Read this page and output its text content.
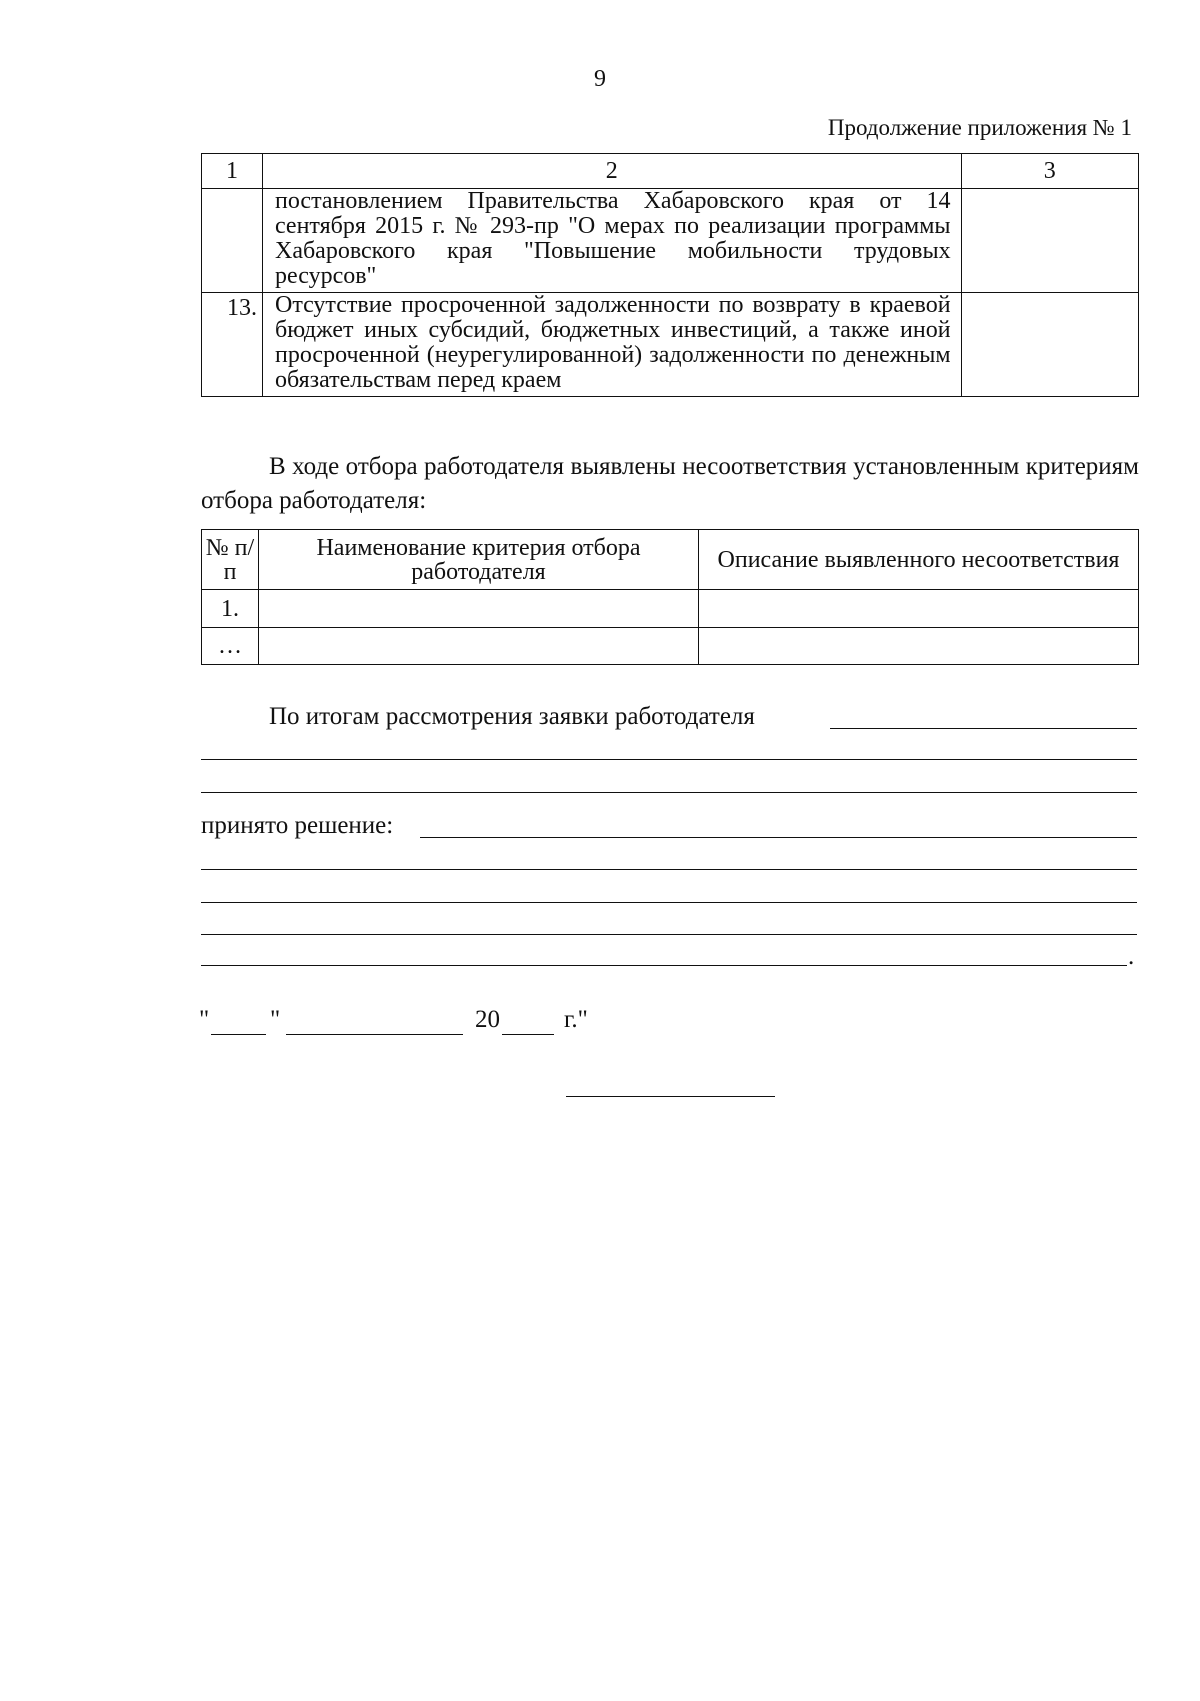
9
Продолжение приложения № 1
1	2	3
	постановлением Правительства Хабаровского края от 14 сентября 2015 г. № 293-пр "О мерах по реализации программы Хабаровского края "Повышение мобильности трудовых ресурсов"	
13.	Отсутствие просроченной задолженности по возврату в краевой бюджет иных субсидий, бюджетных инвестиций, а также иной просроченной (неурегулированной) задолженности по денежным обязательствам перед краем	
В ходе отбора работодателя выявлены несоответствия установленным критериям отбора работодателя:
№ п/п	Наименование критерия отбора работодателя	Описание выявленного несоответствия
1.		
…		
По итогам рассмотрения заявки работодателя
принято решение:
.
" "	20	г."
